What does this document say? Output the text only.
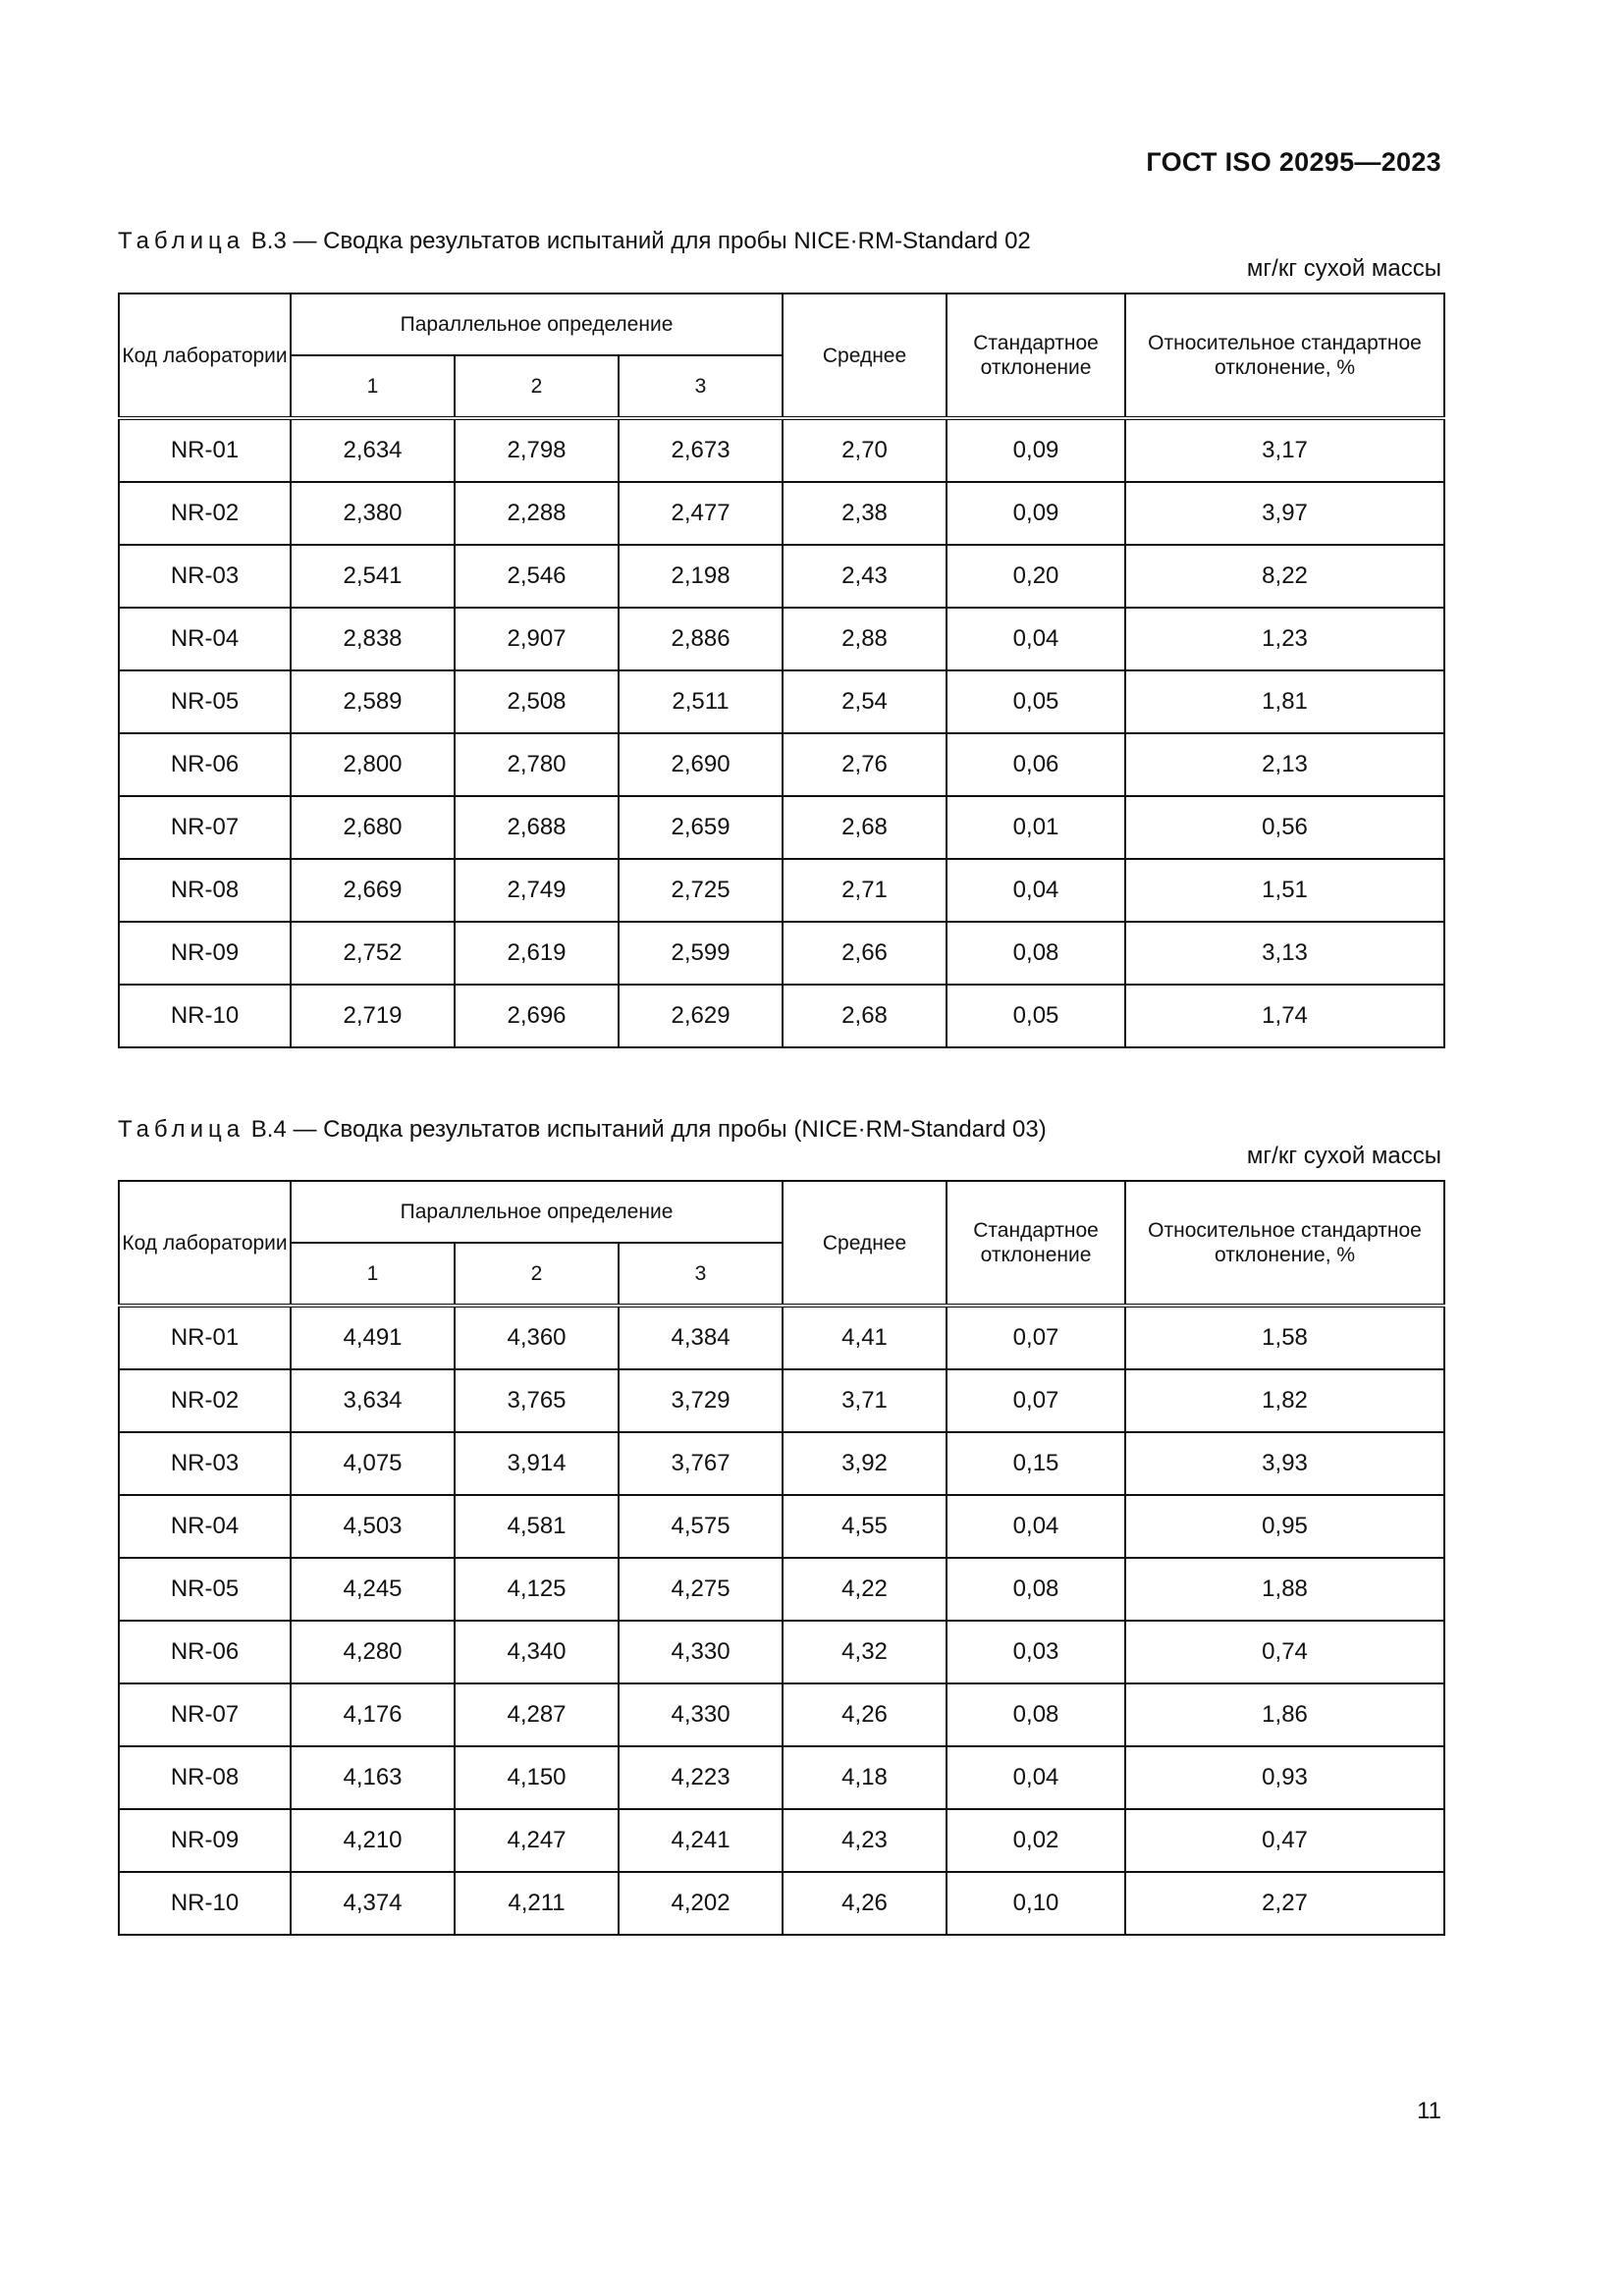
ГОСТ ISO 20295—2023
Таблица B.3 — Сводка результатов испытаний для пробы NICE·RM-Standard 02
мг/кг сухой массы
Код лаборатории	Параллельное определение			Среднее	Стандартное отклонение	Относительное стандартное отклонение, %
	1	2	3			
NR-01	2,634	2,798	2,673	2,70	0,09	3,17
NR-02	2,380	2,288	2,477	2,38	0,09	3,97
NR-03	2,541	2,546	2,198	2,43	0,20	8,22
NR-04	2,838	2,907	2,886	2,88	0,04	1,23
NR-05	2,589	2,508	2,511	2,54	0,05	1,81
NR-06	2,800	2,780	2,690	2,76	0,06	2,13
NR-07	2,680	2,688	2,659	2,68	0,01	0,56
NR-08	2,669	2,749	2,725	2,71	0,04	1,51
NR-09	2,752	2,619	2,599	2,66	0,08	3,13
NR-10	2,719	2,696	2,629	2,68	0,05	1,74
Таблица B.4 — Сводка результатов испытаний для пробы (NICE·RM-Standard 03)
мг/кг сухой массы
Код лаборатории	Параллельное определение			Среднее	Стандартное отклонение	Относительное стандартное отклонение, %
	1	2	3			
NR-01	4,491	4,360	4,384	4,41	0,07	1,58
NR-02	3,634	3,765	3,729	3,71	0,07	1,82
NR-03	4,075	3,914	3,767	3,92	0,15	3,93
NR-04	4,503	4,581	4,575	4,55	0,04	0,95
NR-05	4,245	4,125	4,275	4,22	0,08	1,88
NR-06	4,280	4,340	4,330	4,32	0,03	0,74
NR-07	4,176	4,287	4,330	4,26	0,08	1,86
NR-08	4,163	4,150	4,223	4,18	0,04	0,93
NR-09	4,210	4,247	4,241	4,23	0,02	0,47
NR-10	4,374	4,211	4,202	4,26	0,10	2,27
11
